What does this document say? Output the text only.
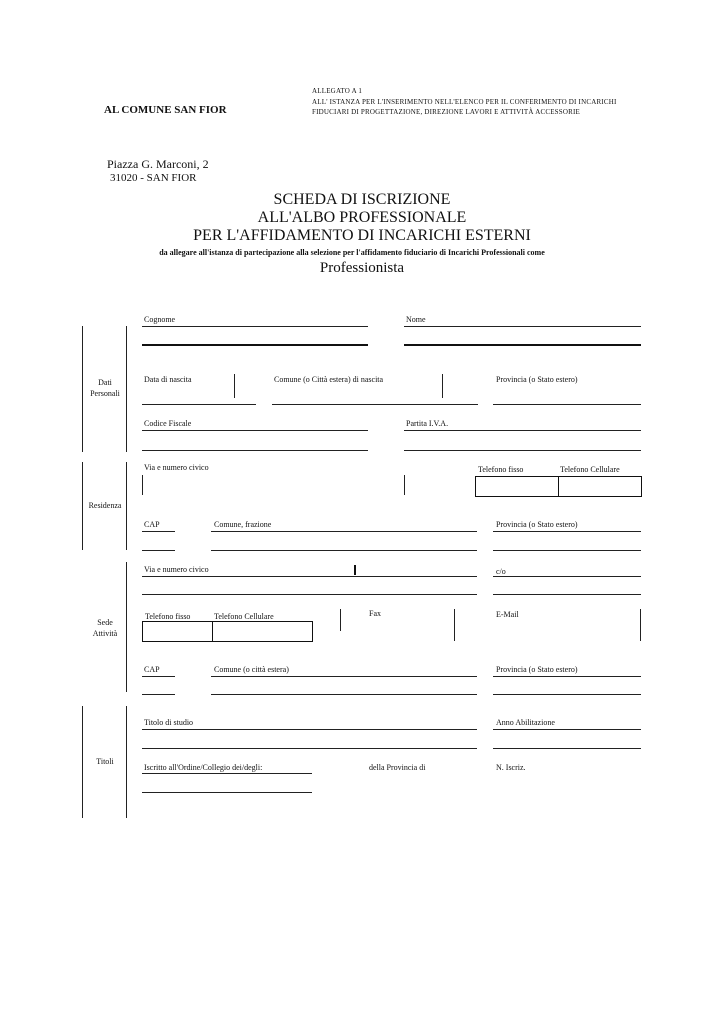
AL COMUNE SAN FIOR
ALLEGATO A 1
ALL' ISTANZA PER L'INSERIMENTO NELL'ELENCO PER IL CONFERIMENTO DI INCARICHI
FIDUCIARI DI PROGETTAZIONE, DIREZIONE LAVORI E ATTIVITÀ ACCESSORIE
Piazza G. Marconi, 2
31020 - SAN FIOR
SCHEDA DI ISCRIZIONE
ALL'ALBO PROFESSIONALE
PER L'AFFIDAMENTO DI INCARICHI ESTERNI
da allegare all'istanza di partecipazione alla selezione per l'affidamento fiduciario di Incarichi Professionali come
Professionista
Dati
Personali
Residenza
Sede
Attività
Titoli
Cognome	Nome
Data di nascita	Comune (o Città estera) di nascita	Provincia (o Stato estero)
Codice Fiscale	Partita I.V.A.
Via e numero civico	Telefono fisso	Telefono Cellulare
CAP	Comune, frazione	Provincia (o Stato estero)
Via e numero civico	c/o
Telefono fisso	Telefono Cellulare	Fax	E-Mail
CAP	Comune (o città estera)	Provincia (o Stato estero)
Titolo di studio	Anno Abilitazione
Iscritto all'Ordine/Collegio dei/degli:	della Provincia di	N. Iscriz.
